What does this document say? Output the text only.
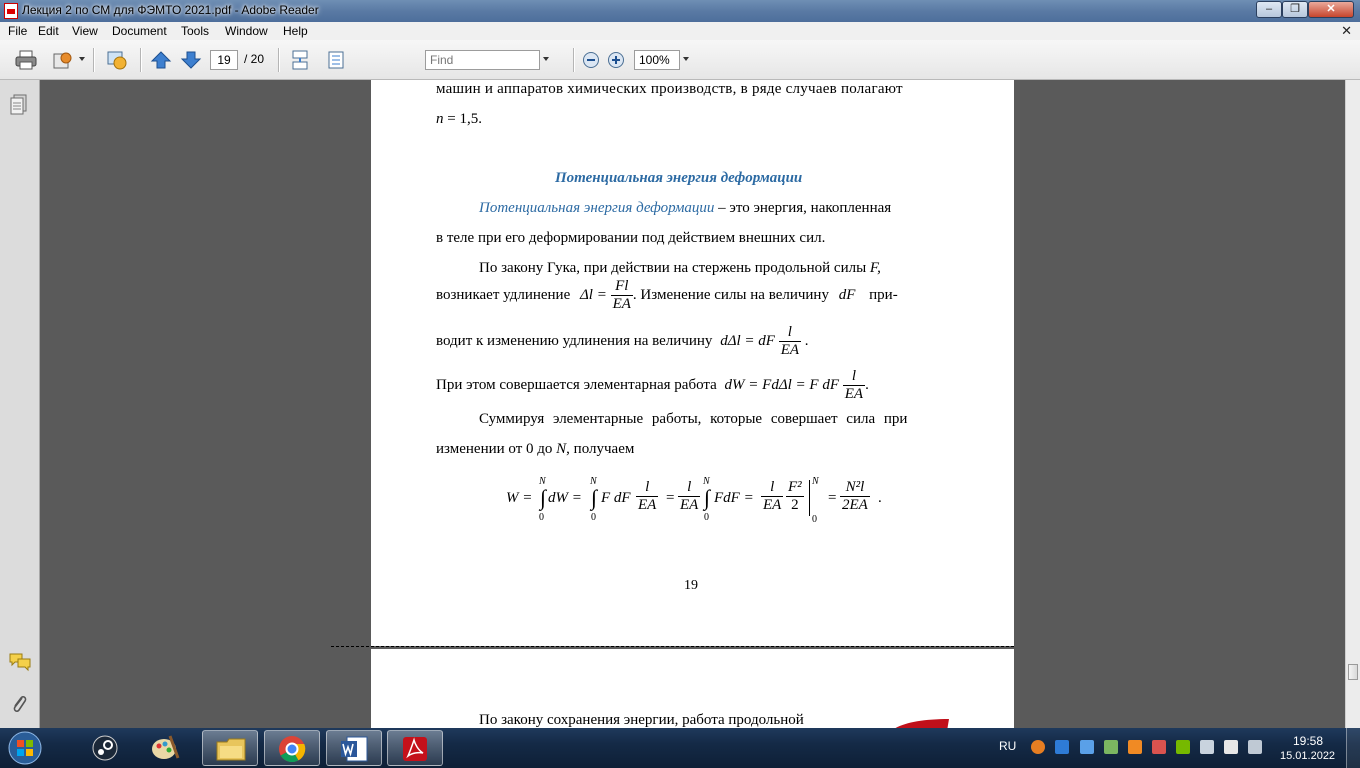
Лекция 2 по СМ для ФЭМТО 2021.pdf - Adobe Reader	–	❐	✕
File Edit View Document Tools Window Help	✕
19	/ 20	Find	100%
машин и аппаратов химических производств, в ряде случаев полагают
n = 1,5.
Потенциальная энергия деформации
Потенциальная энергия деформации – это энергия, накопленная
в теле при его деформировании под действием внешних сил.
По закону Гука, при действии на стержень продольной силы F,
возникает удлинение $\Delta l = \frac{Fl}{EA}$ . Изменение силы на величину dF при-
водит к изменению удлинения на величину dΔl = dF $\frac{l}{EA}$ .
При этом совершается элементарная работа dW = FdΔl = F dF $\frac{l}{EA}$ .
Суммируя элементарные работы, которые совершает сила при
изменении от 0 до N, получаем
W =
N
∫
0
dW =
N
∫
0
F dF $\frac{l}{EA} = \frac{l}{EA}$ N
∫
0
FdF = $\frac{l}{EA} \frac{\text{F²}}{2}$ N
0
= $\frac{\text{N²l}}{2EA}$ .
19
По закону сохранения энергии, работа продольной
RU	19:58
15.01.2022
